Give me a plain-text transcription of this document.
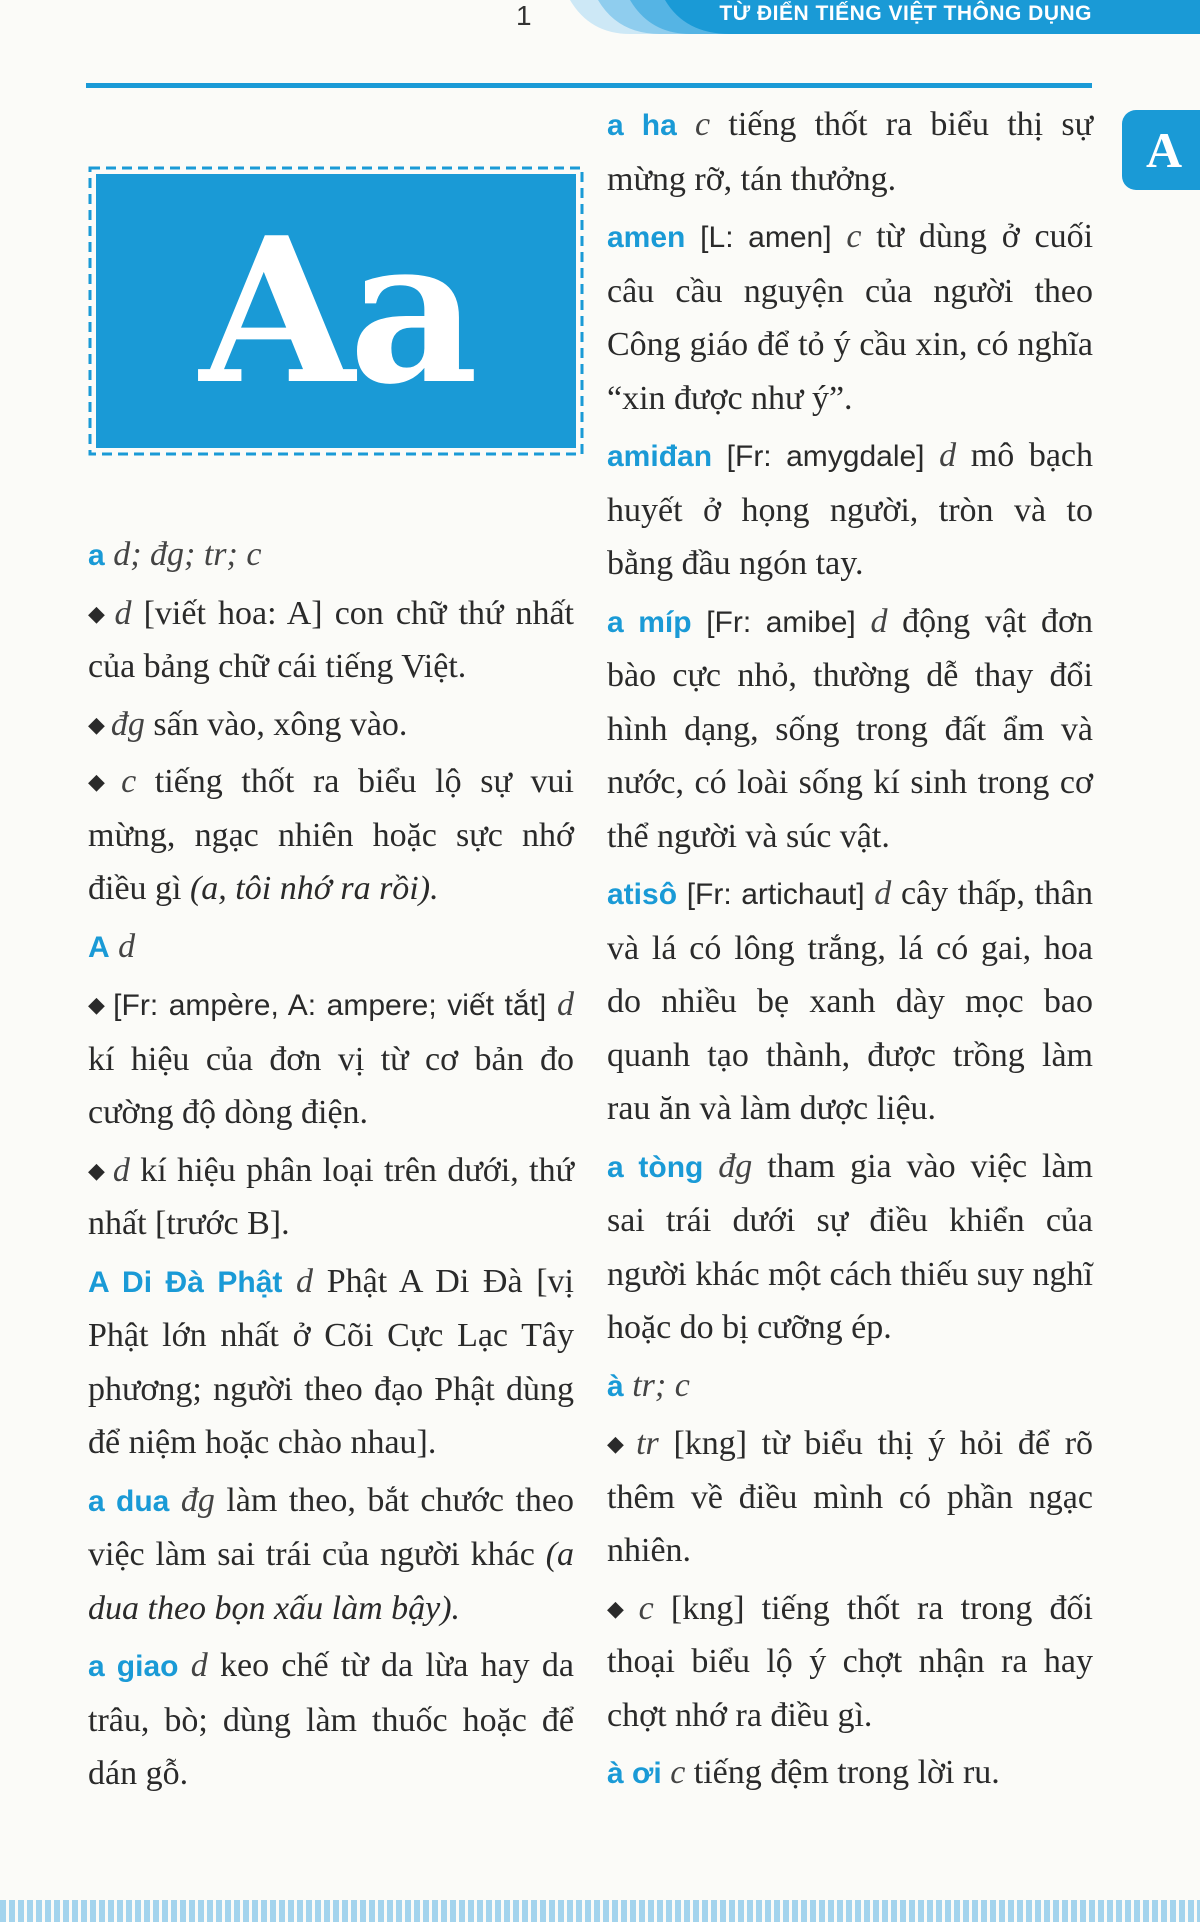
1	TỪ ĐIỂN TIẾNG VIỆT THÔNG DỤNG
A
Aa
a d; đg; tr; c
◆ d [viết hoa: A] con chữ thứ nhất của bảng chữ cái tiếng Việt.
◆ đg sấn vào, xông vào.
◆ c tiếng thốt ra biểu lộ sự vui mừng, ngạc nhiên hoặc sực nhớ điều gì (a, tôi nhớ ra rồi).
A d
◆ [Fr: ampère, A: ampere; viết tắt] d kí hiệu của đơn vị từ cơ bản đo cường độ dòng điện.
◆ d kí hiệu phân loại trên dưới, thứ nhất [trước B].
A Di Đà Phật d Phật A Di Đà [vị Phật lớn nhất ở Cõi Cực Lạc Tây phương; người theo đạo Phật dùng để niệm hoặc chào nhau].
a dua đg làm theo, bắt chước theo việc làm sai trái của người khác (a dua theo bọn xấu làm bậy).
a giao d keo chế từ da lừa hay da trâu, bò; dùng làm thuốc hoặc để dán gỗ.
a ha c tiếng thốt ra biểu thị sự mừng rỡ, tán thưởng.
amen [L: amen] c từ dùng ở cuối câu cầu nguyện của người theo Công giáo để tỏ ý cầu xin, có nghĩa “xin được như ý”.
amiđan [Fr: amygdale] d mô bạch huyết ở họng người, tròn và to bằng đầu ngón tay.
a míp [Fr: amibe] d động vật đơn bào cực nhỏ, thường dễ thay đổi hình dạng, sống trong đất ẩm và nước, có loài sống kí sinh trong cơ thể người và súc vật.
atisô [Fr: artichaut] d cây thấp, thân và lá có lông trắng, lá có gai, hoa do nhiều bẹ xanh dày mọc bao quanh tạo thành, được trồng làm rau ăn và làm dược liệu.
a tòng đg tham gia vào việc làm sai trái dưới sự điều khiển của người khác một cách thiếu suy nghĩ hoặc do bị cưỡng ép.
à tr; c
◆ tr [kng] từ biểu thị ý hỏi để rõ thêm về điều mình có phần ngạc nhiên.
◆ c [kng] tiếng thốt ra trong đối thoại biểu lộ ý chợt nhận ra hay chợt nhớ ra điều gì.
à ơi c tiếng đệm trong lời ru.
